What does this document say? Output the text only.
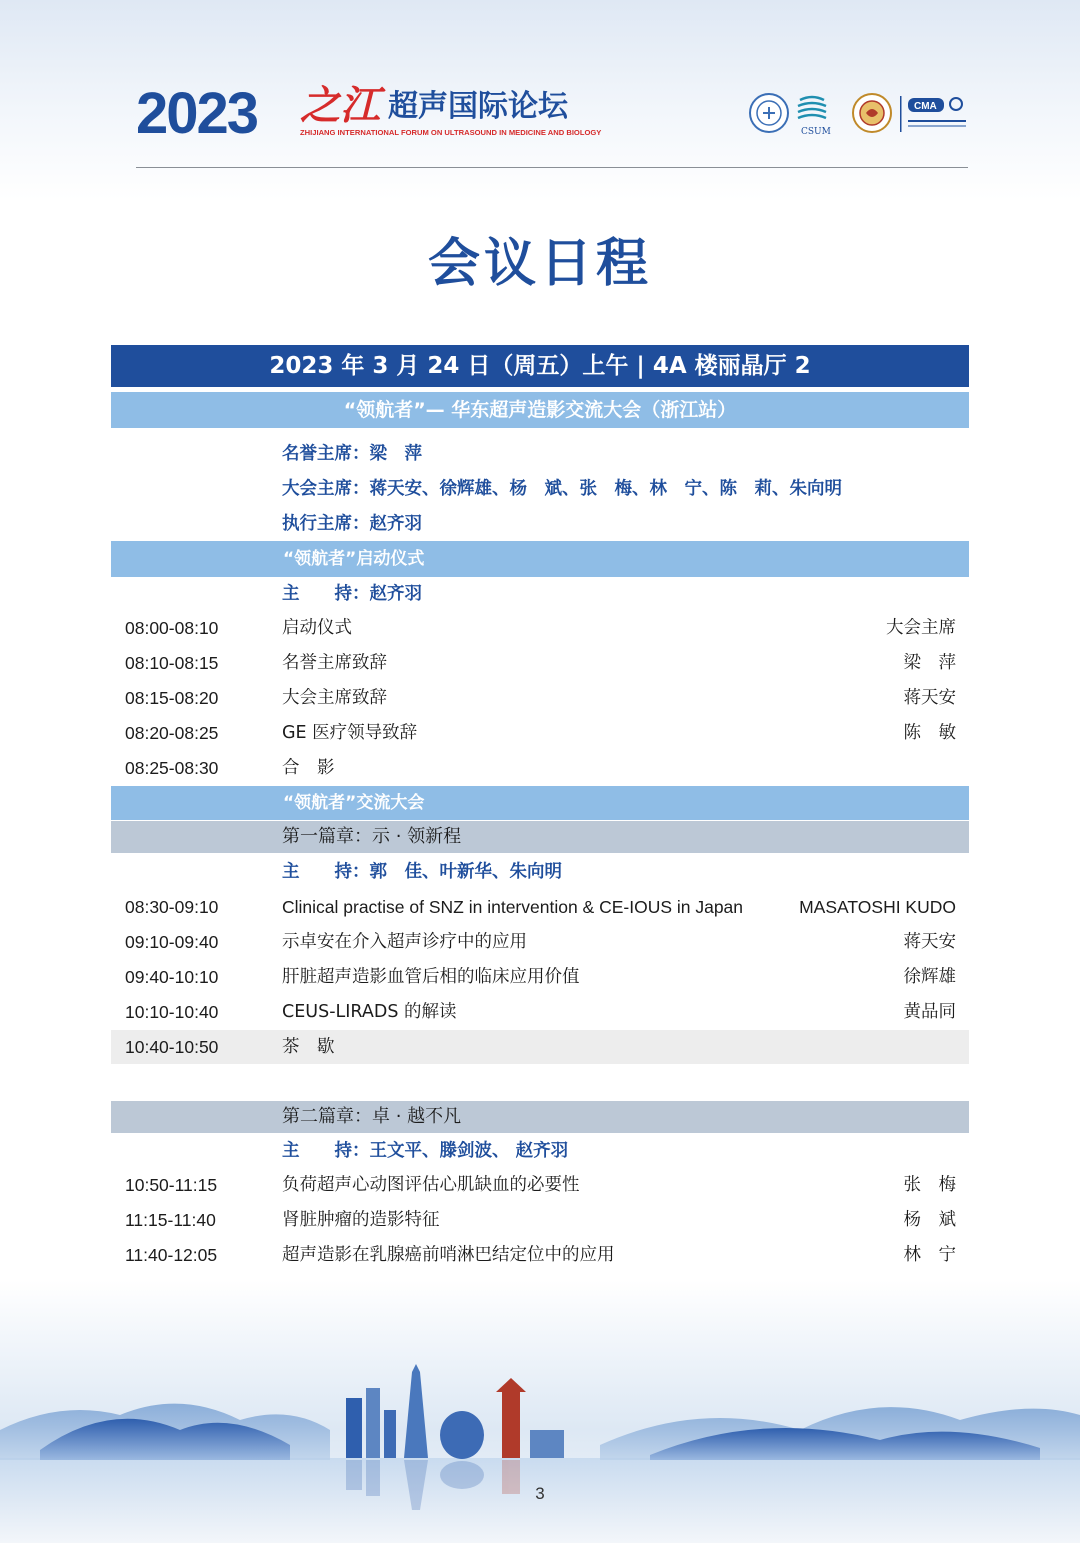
2023 之江 超声国际论坛
ZHIJIANG INTERNATIONAL FORUM ON ULTRASOUND IN MEDICINE AND BIOLOGY	CSUM
CMA
会议日程
2023 年 3 月 24 日（周五）上午 | 4A 楼丽晶厅 2
“领航者”— 华东超声造影交流大会（浙江站）
名誉主席：梁　萍
大会主席：蒋天安、徐辉雄、杨　斌、张　梅、林　宁、陈　莉、朱向明
执行主席：赵齐羽
“领航者”启动仪式
主　　持：赵齐羽
08:00-08:10	启动仪式	大会主席
08:10-08:15	名誉主席致辞	梁　萍
08:15-08:20	大会主席致辞	蒋天安
08:20-08:25	GE 医疗领导致辞	陈　敏
08:25-08:30	合　影
“领航者”交流大会
第一篇章：示 · 领新程
主　　持：郭　佳、叶新华、朱向明
08:30-09:10	Clinical practise of SNZ in intervention & CE-IOUS in Japan	MASATOSHI KUDO
09:10-09:40	示卓安在介入超声诊疗中的应用	蒋天安
09:40-10:10	肝脏超声造影血管后相的临床应用价值	徐辉雄
10:10-10:40	CEUS-LIRADS 的解读	黄品同
10:40-10:50	茶　歇
第二篇章：卓 · 越不凡
主　　持：王文平、滕剑波、 赵齐羽
10:50-11:15	负荷超声心动图评估心肌缺血的必要性	张　梅
11:15-11:40	肾脏肿瘤的造影特征	杨　斌
11:40-12:05	超声造影在乳腺癌前哨淋巴结定位中的应用	林　宁
3
